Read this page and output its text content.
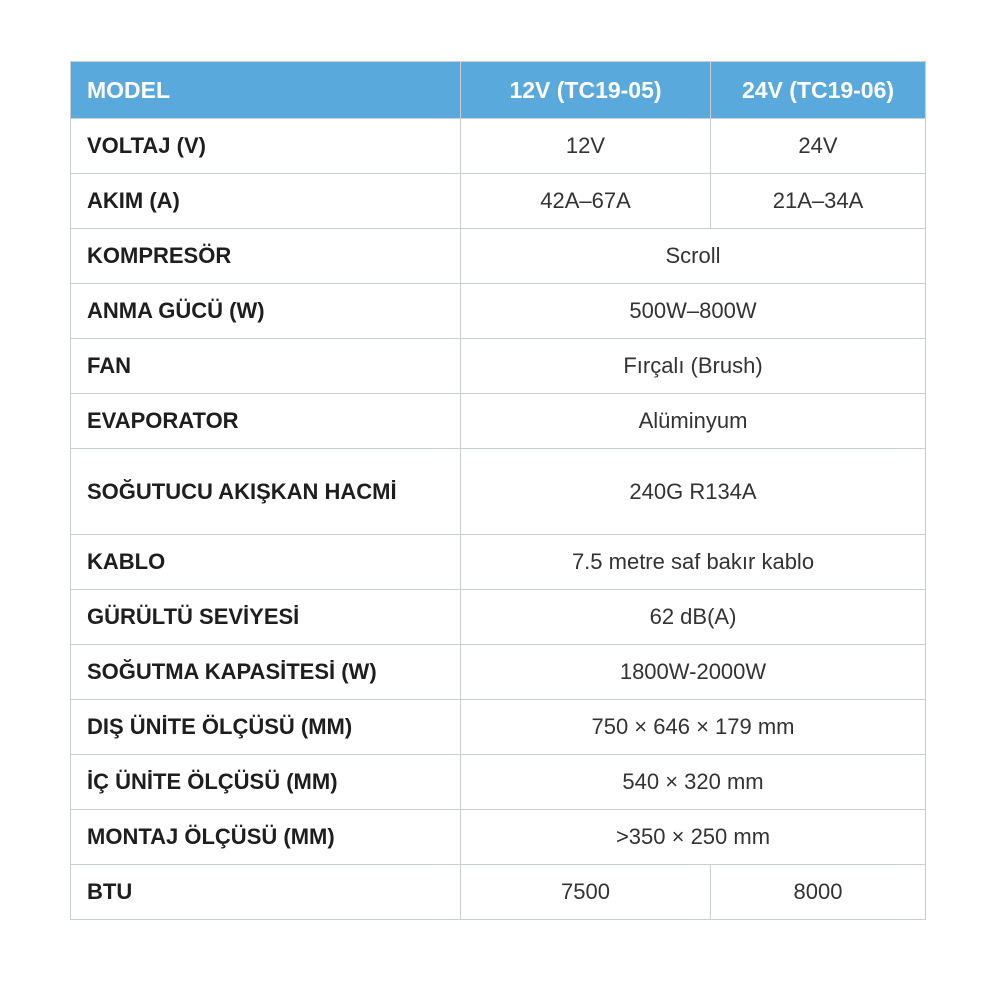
MODEL	12V (TC19-05)	24V (TC19-06)
VOLTAJ (V)	12V	24V
AKIM (A)	42A–67A	21A–34A
KOMPRESÖR	Scroll	
ANMA GÜCÜ (W)	500W–800W	
FAN	Fırçalı (Brush)	
EVAPORATOR	Alüminyum	
SOĞUTUCU AKIŞKAN HACMİ	240G R134A	
KABLO	7.5 metre saf bakır kablo	
GÜRÜLTÜ SEVİYESİ	62 dB(A)	
SOĞUTMA KAPASİTESİ (W)	1800W-2000W	
DIŞ ÜNİTE ÖLÇÜSÜ (MM)	750 × 646 × 179 mm	
İÇ ÜNİTE ÖLÇÜSÜ (MM)	540 × 320 mm	
MONTAJ ÖLÇÜSÜ (MM)	>350 × 250 mm	
BTU	7500	8000
